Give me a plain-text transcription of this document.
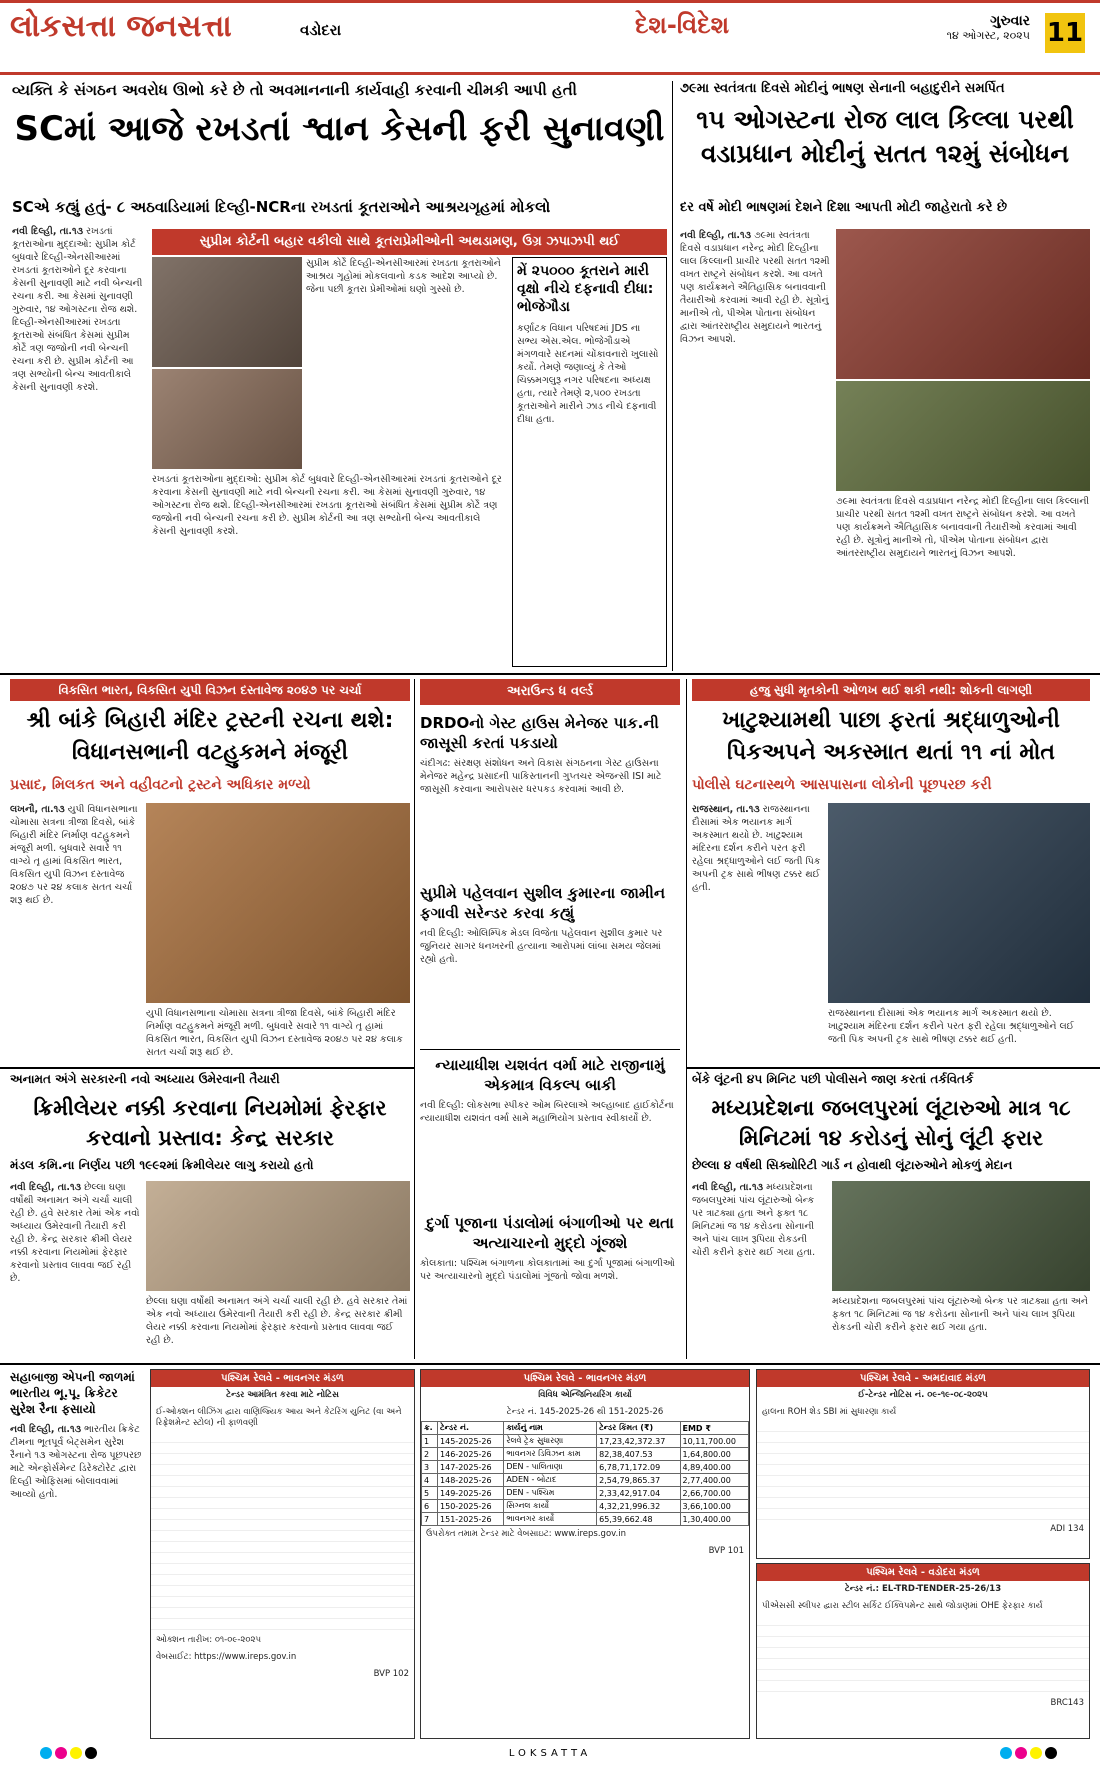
લોકસત્તા જનસત્તા	વડોદરા	દેશ-વિદેશ	ગુરુવાર
૧૪ ઓગસ્ટ, ૨૦૨૫ 11
વ્યક્તિ કે સંગઠન અવરોધ ઊભો કરે છે તો અવમાનનાની કાર્યવાહી કરવાની ચીમકી આપી હતી
SCમાં આજે રખડતાં શ્વાન કેસની ફરી સુનાવણી
SCએ કહ્યું હતું- ૮ અઠવાડિયામાં દિલ્હી-NCRના રખડતાં કૂતરાઓને આશ્રયગૃહમાં મોકલો
નવી દિલ્હી, તા.૧૩ રખડતાં કૂતરાઓના મુદ્દાઓ: સુપ્રીમ કોર્ટ બુધવારે દિલ્હી-એનસીઆરમાં રખડતાં કૂતરાઓને દૂર કરવાના કેસની સુનાવણી માટે નવી બેન્ચની રચના કરી. આ કેસમાં સુનાવણી ગુરુવાર, ૧૪ ઓગસ્ટના રોજ થશે. દિલ્હી-એનસીઆરમાં રખડતા કૂતરાઓ સંબંધિત કેસમાં સુપ્રીમ કોર્ટે ત્રણ જજોની નવી બેન્ચની રચના કરી છે. સુપ્રીમ કોર્ટની આ ત્રણ સભ્યોની બેન્ચ આવતીકાલે કેસની સુનાવણી કરશે.
સુપ્રીમ કોર્ટની બહાર વકીલો સાથે કૂતરાપ્રેમીઓની અથડામણ, ઉગ્ર ઝપાઝપી થઈ
સુપ્રીમ કોર્ટે દિલ્હી-એનસીઆરમાં રખડતા કૂતરાઓને આશ્રય ગૃહોમાં મોકલવાનો કડક આદેશ આપ્યો છે. જેના પછી કૂતરા પ્રેમીઓમાં ઘણો ગુસ્સો છે.
મેં ૨૫૦૦૦ કૂતરાને મારી વૃક્ષો નીચે દફનાવી દીધા: ભોજેગૌડા
કર્ણાટક વિધાન પરિષદમાં JDS ના સભ્ય એસ.એલ. ભોજેગૌડાએ મંગળવારે સદનમાં ચોંકાવનારો ખુલાસો કર્યો. તેમણે જણાવ્યું કે તેઓ ચિક્કમગલુરૂ નગર પરિષદના અધ્યક્ષ હતા, ત્યારે તેમણે ૨,૫૦૦ રખડતા કૂતરાઓને મારીને ઝાડ નીચે દફનાવી દીધા હતા.
રખડતાં કૂતરાઓના મુદ્દાઓ: સુપ્રીમ કોર્ટ બુધવારે દિલ્હી-એનસીઆરમાં રખડતાં કૂતરાઓને દૂર કરવાના કેસની સુનાવણી માટે નવી બેન્ચની રચના કરી. આ કેસમાં સુનાવણી ગુરુવાર, ૧૪ ઓગસ્ટના રોજ થશે. દિલ્હી-એનસીઆરમાં રખડતા કૂતરાઓ સંબંધિત કેસમાં સુપ્રીમ કોર્ટે ત્રણ જજોની નવી બેન્ચની રચના કરી છે. સુપ્રીમ કોર્ટની આ ત્રણ સભ્યોની બેન્ચ આવતીકાલે કેસની સુનાવણી કરશે.
૭૯મા સ્વતંત્રતા દિવસે મોદીનું ભાષણ સેનાની બહાદુરીને સમર્પિત
૧૫ ઓગસ્ટના રોજ લાલ કિલ્લા પરથી વડાપ્રધાન મોદીનું સતત ૧૨મું સંબોધન
દર વર્ષે મોદી ભાષણમાં દેશને દિશા આપતી મોટી જાહેરાતો કરે છે
નવી દિલ્હી, તા.૧૩ ૭૯મા સ્વતંત્રતા દિવસે વડાપ્રધાન નરેન્દ્ર મોદી દિલ્હીના લાલ કિલ્લાની પ્રાચીર પરથી સતત ૧૨મી વખત રાષ્ટ્રને સંબોધન કરશે. આ વખતે પણ કાર્યક્રમને ઐતિહાસિક બનાવવાની તૈયારીઓ કરવામાં આવી રહી છે. સૂત્રોનું માનીએ તો, પીએમ પોતાના સંબોધન દ્વારા આંતરરાષ્ટ્રીય સમુદાયને ભારતનું વિઝન આપશે.
૭૯મા સ્વતંત્રતા દિવસે વડાપ્રધાન નરેન્દ્ર મોદી દિલ્હીના લાલ કિલ્લાની પ્રાચીર પરથી સતત ૧૨મી વખત રાષ્ટ્રને સંબોધન કરશે. આ વખતે પણ કાર્યક્રમને ઐતિહાસિક બનાવવાની તૈયારીઓ કરવામાં આવી રહી છે. સૂત્રોનું માનીએ તો, પીએમ પોતાના સંબોધન દ્વારા આંતરરાષ્ટ્રીય સમુદાયને ભારતનું વિઝન આપશે.
વિકસિત ભારત, વિકસિત યુપી વિઝન દસ્તાવેજ ૨૦૪૭ પર ચર્ચા
શ્રી બાંકે બિહારી મંદિર ટ્રસ્ટની રચના થશે: વિધાનસભાની વટહુકમને મંજૂરી
પ્રસાદ, મિલકત અને વહીવટનો ટ્રસ્ટને અધિકાર મળ્યો
લખનૌ, તા.૧૩ યુપી વિધાનસભાના ચોમાસા સત્રના ત્રીજા દિવસે, બાંકે બિહારી મંદિર નિર્માણ વટહુકમને મંજૂરી મળી. બુધવારે સવારે ૧૧ વાગ્યે તૃ હામાં વિકસિત ભારત, વિકસિત યુપી વિઝન દસ્તાવેજ ૨૦૪૭ પર ૨૪ કલાક સતત ચર્ચા શરૂ થઈ છે.
યુપી વિધાનસભાના ચોમાસા સત્રના ત્રીજા દિવસે, બાંકે બિહારી મંદિર નિર્માણ વટહુકમને મંજૂરી મળી. બુધવારે સવારે ૧૧ વાગ્યે તૃ હામાં વિકસિત ભારત, વિકસિત યુપી વિઝન દસ્તાવેજ ૨૦૪૭ પર ૨૪ કલાક સતત ચર્ચા શરૂ થઈ છે.
અરાઉન્ડ ધ વર્લ્ડ
DRDOનો ગેસ્ટ હાઉસ મેનેજર પાક.ની જાસૂસી કરતાં પકડાયો
ચંદીગઢ: સંરક્ષણ સંશોધન અને વિકાસ સંગઠનના ગેસ્ટ હાઉસના મેનેજર મહેન્દ્ર પ્રસાદની પાકિસ્તાનની ગુપ્તચર એજન્સી ISI માટે જાસૂસી કરવાના આરોપસર ધરપકડ કરવામાં આવી છે.
સુપ્રીમે પહેલવાન સુશીલ કુમારના જામીન ફગાવી સરેન્ડર કરવા કહ્યું
નવી દિલ્હી: ઓલિમ્પિક મેડલ વિજેતા પહેલવાન સુશીલ કુમાર પર જુનિયર સાગર ધનખરની હત્યાના આરોપમાં લાંબા સમય જેલમાં રહ્યો હતો.
ન્યાયાધીશ યશવંત વર્મા માટે રાજીનામું એકમાત્ર વિકલ્પ બાકી
નવી દિલ્હી: લોકસભા સ્પીકર ઓમ બિરલાએ અલ્હાબાદ હાઈકોર્ટના ન્યાયાધીશ યશવંત વર્મા સામે મહાભિયોગ પ્રસ્તાવ સ્વીકાર્યો છે.
દુર્ગા પૂજાના પંડાલોમાં બંગાળીઓ પર થતા અત્યાચારનો મુદ્દો ગૂંજશે
કોલકાતા: પશ્ચિમ બંગાળના કોલકાતામાં આ દુર્ગા પૂજામાં બંગાળીઓ પર અત્યાચારનો મુદ્દો પંડાલોમાં ગૂંજતો જોવા મળશે.
હજુ સુધી મૃતકોની ઓળખ થઈ શકી નથી: શોકની લાગણી
ખાટુશ્યામથી પાછા ફરતાં શ્રદ્ધાળુઓની પિકઅપને અકસ્માત થતાં ૧૧ નાં મોત
પોલીસે ઘટનાસ્થળે આસપાસના લોકોની પૂછપરછ કરી
રાજસ્થાન, તા.૧૩ રાજસ્થાનના દૌસામાં એક ભયાનક માર્ગ અકસ્માત થયો છે. ખાટુશ્યામ મંદિરના દર્શન કરીને પરત ફરી રહેલા શ્રદ્ધાળુઓને લઈ જતી પિક અપની ટ્રક સાથે ભીષણ ટક્કર થઈ હતી.
રાજસ્થાનના દૌસામાં એક ભયાનક માર્ગ અકસ્માત થયો છે. ખાટુશ્યામ મંદિરના દર્શન કરીને પરત ફરી રહેલા શ્રદ્ધાળુઓને લઈ જતી પિક અપની ટ્રક સાથે ભીષણ ટક્કર થઈ હતી.
અનામત અંગે સરકારની નવો અધ્યાય ઉમેરવાની તૈયારી
ક્રિમીલેયર નક્કી કરવાના નિયમોમાં ફેરફાર કરવાનો પ્રસ્તાવ: કેન્દ્ર સરકાર
મંડલ કમિ.ના નિર્ણય પછી ૧૯૯૨માં ક્રિમીલેયર લાગુ કરાયો હતો
નવી દિલ્હી, તા.૧૩ છેલ્લા ઘણા વર્ષોથી અનામત અંગે ચર્ચા ચાલી રહી છે. હવે સરકાર તેમાં એક નવો અધ્યાય ઉમેરવાની તૈયારી કરી રહી છે. કેન્દ્ર સરકાર ક્રીમી લેયર નક્કી કરવાના નિયમોમાં ફેરફાર કરવાનો પ્રસ્તાવ લાવવા જઈ રહી છે.
છેલ્લા ઘણા વર્ષોથી અનામત અંગે ચર્ચા ચાલી રહી છે. હવે સરકાર તેમાં એક નવો અધ્યાય ઉમેરવાની તૈયારી કરી રહી છે. કેન્દ્ર સરકાર ક્રીમી લેયર નક્કી કરવાના નિયમોમાં ફેરફાર કરવાનો પ્રસ્તાવ લાવવા જઈ રહી છે.
બેંકે લૂંટની ૪૫ મિનિટ પછી પોલીસને જાણ કરતાં તર્કવિતર્ક
મધ્યપ્રદેશના જબલપુરમાં લૂંટારુઓ માત્ર ૧૮ મિનિટમાં ૧૪ કરોડનું સોનું લૂંટી ફરાર
છેલ્લા ૪ વર્ષથી સિક્યોરિટી ગાર્ડ ન હોવાથી લૂંટારુઓને મોકળું મેદાન
નવી દિલ્હી, તા.૧૩ મધ્યપ્રદેશના જબલપુરમાં પાંચ લૂંટારુઓ બેન્ક પર ત્રાટક્યા હતા અને ફક્ત ૧૮ મિનિટમાં જ ૧૪ કરોડના સોનાની અને પાંચ લાખ રૂપિયા રોકડની ચોરી કરીને ફરાર થઈ ગયા હતા.
મધ્યપ્રદેશના જબલપુરમાં પાંચ લૂંટારુઓ બેન્ક પર ત્રાટક્યા હતા અને ફક્ત ૧૮ મિનિટમાં જ ૧૪ કરોડના સોનાની અને પાંચ લાખ રૂપિયા રોકડની ચોરી કરીને ફરાર થઈ ગયા હતા.
સહાબાજી એપની જાળમાં ભારતીય ભૂ.પૂ. ક્રિકેટર સુરેશ રૈના ફસાયો
નવી દિલ્હી, તા.૧૩ ભારતીય ક્રિકેટ ટીમના ભૂતપૂર્વ બેટ્સમેન સુરેશ રૈનાને ૧૩ ઓગસ્ટના રોજ પૂછપરછ માટે એન્ફોર્સમેન્ટ ડિરેક્ટોરેટ દ્વારા દિલ્હી ઓફિસમાં બોલાવવામાં આવ્યો હતો.
પશ્ચિમ રેલવે - ભાવનગર મંડળ
ટેન્ડર આમંત્રિત કરવા માટે નોટિસ
ઈ-ઓક્શન લીઝિંગ દ્વારા વાણિજ્યિક આય અને કેટરિંગ યુનિટ (વા અને રિફ્રેશમેન્ટ સ્ટોલ) ની ફાળવણી
ઓક્શન તારીખ: ૦૧-૦૯-૨૦૨૫
વેબસાઈટ: https://www.ireps.gov.in
BVP 102
પશ્ચિમ રેલવે - ભાવનગર મંડળ
વિવિધ એન્જિનિયરિંગ કાર્યો
ટેન્ડર નં. 145-2025-26 થી 151-2025-26
ક્ર.	ટેન્ડર નં.	કાર્યનું નામ	ટેન્ડર કિંમત (₹)	EMD ₹
1	145-2025-26	રેલવે ટ્રેક સુધારણા	17,23,42,372.37	10,11,700.00
2	146-2025-26	ભાવનગર ડિવિઝન કામ	82,38,407.53	1,64,800.00
3	147-2025-26	DEN - પાલિતાણા	6,78,71,172.09	4,89,400.00
4	148-2025-26	ADEN - બોટાદ	2,54,79,865.37	2,77,400.00
5	149-2025-26	DEN - પશ્ચિમ	2,33,42,917.04	2,66,700.00
6	150-2025-26	સિગ્નલ કાર્યો	4,32,21,996.32	3,66,100.00
7	151-2025-26	ભાવનગર કાર્યો	65,39,662.48	1,30,400.00
ઉપરોક્ત તમામ ટેન્ડર માટે વેબસાઇટ: www.ireps.gov.in
BVP 101
પશ્ચિમ રેલવે - અમદાવાદ મંડળ
ઈ-ટેન્ડર નોટિસ નં. ૦૯-૧૯-૦૮-૨૦૨૫
હાલના ROH શેડ SBI માં સુધારણા કાર્ય
ADI 134
પશ્ચિમ રેલવે - વડોદરા મંડળ
ટેન્ડર નં.: EL-TRD-TENDER-25-26/13
પીએસસી સ્લીપર દ્વારા સ્ટીલ સર્કિટ ઈક્વિપમેન્ટ સાથે જોડાણમાં OHE ફેરફાર કાર્ય
BRC143
LOKSATTA
